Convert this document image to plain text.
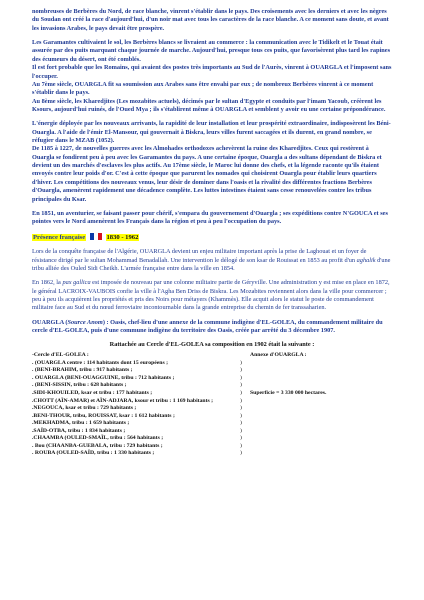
nombreuses de Berbères du Nord, de race blanche, vinrent s'établir dans le pays. Des croisements avec les derniers et avec les nègres du Soudan ont créé la race d'aujourd'hui, d'un noir mat avec tous les caractères de la race blanche. A ce moment sans doute, et avant les invasions Arabes, le pays devait être prospère.

Les Garamantes cultivaient le sol, les Berbères blancs se livraient au commerce : la communication avec le Tidikelt et le Touat était assurée par des puits marquant chaque journée de marche. Aujourd'hui, presque tous ces puits, que favorisèrent plus tard les rapines des écumeurs du désert, ont été comblés.
Il est fort probable que les Romains, qui avaient des postes très importants au Sud de l'Aurès, vinrent à OUARGLA et l'imposent sans l'occuper.
Au 7ème siècle, OUARGLA fit sa soumission aux Arabes sans être envahi par eux ; de nombreux Berbères vinrent à ce moment s'établir dans le pays.
Au 8ème siècle, les Kharedjites (Les mozabites actuels), décimés par le sultan d'Egypte et conduits par l'imam Yacoub, créèrent les Ksours, aujourd'hui ruinés, de l'Oued Mya ; ils s'établirent même à OUARGLA et semblent y avoir eu une certaine prépondérance.

L'énergie déployée par les nouveaux arrivants, la rapidité de leur installation et leur prospérité extraordinaire, indisposèrent les Béni-Ouargla. A l'aide de l'émir El-Mansour, qui gouvernait à Biskra, leurs villes furent saccagées et ils durent, en grand nombre, se réfugier dans le MZAB (1052).
De 1185 à 1227, de nouvelles guerres avec les Almohades orthodoxes achevèrent la ruine des Kharedjites. Ceux qui restèrent à Ouargla se fondirent peu à peu avec les Garamantes du pays. A une certaine époque, Ouargla a des sultans dépendant de Biskra et devient un des marchés d'esclaves les plus actifs. Au 17ème siècle, le Maroc lui donne des chefs, et la légende raconte qu'ils étaient envoyés contre leur poids d'or. C'est à cette époque que parurent les nomades qui choisirent Ouargla pour établir leurs quartiers d'hiver. Les compétitions des nouveaux venus, leur désir de dominer dans l'oasis et la rivalité des différentes fractions Berbères d'Ouargla, amenèrent rapidement une décadence complète. Les luttes intestines étaient sans cesse renouvelées contre les tribus principales du Ksar.

En 1851, un aventurier, se faisant passer pour chérif, s'empara du gouvernement d'Ouargla ; ses expéditions contre N'GOUCA et ses pointes vers le Nord amenèrent les Français dans la région et peu à peu l'occupation du pays.

Présence française	1830 - 1962

Lors de la conquête française de l'Algérie, OUARGLA devient un enjeu militaire important après la prise de Laghouat et un foyer de résistance dirigé par le sultan Mohammad Benadallah. Une intervention le délogé de son ksar de Rouissat en 1853 au profit d'un aghalik d'une tribu alliée des Ouled Sidi Cheikh. L'armée française entre dans la ville en 1854.

En 1862, la pax gallica est imposée de nouveau par une colonne militaire partie de Géryville. Une administration y est mise en place en 1872, le général LACROIX-VAUBOIS confie la ville à l'Agha Ben Driss de Biskra. Les Mozabites reviennent alors dans la ville pour commercer ; peu à peu ils acquièrent les propriétés et pris des Noirs pour métayers (Khammès). Elle acquit alors le statut le poste de commandement militaire face au Sud et du nœud ferroviaire incontournable dans la grande entreprise du chemin de fer transsaharien.

OUARGLA (Source Anom) : Oasis, chef-lieu d'une annexe de la commune indigène d'EL-GOLEA, du commandement militaire du cercle d'EL-GOLEA, puis d'une commune indigène du territoire des Oasis, créée par arrêté du 3 décembre 1907.

Rattachée au Cercle d'EL-GOLEA sa composition en 1902 était la suivante :
-Cercle d'EL-GOLEA :		Annexe d'OUARGLA :
. (OUARGLA centre : 114 habitants dont 15 européens ;	)	
. (BENI-BRAHIM, tribu : 917 habitants ;	)	
. OUARGLA (BENI-OUAGGUINE, tribu : 712 habitants ;	)	
. (BENI-SISSIN, tribu : 628 habitants ;	)	
.SIDI-KHOUILED, ksar et tribu : 177 habitants ;	)	Superficie = 3 330 000 hectares.
.CHOTT (AÏN-AMAR) et AÏN-ADJARA, ksour et tribu : 1 169 habitants ;	)	
.NEGOUCA, ksar et tribu : 729 habitants ;	)	
.BENI-THOUR, tribu, ROUISSAT, ksar : 1 612 habitants ;	)	
.MEKHADMA, tribu : 1 659 habitants ;	)	
.SAÏD-OTBA, tribu : 1 834 habitants ;	)	
.CHAAMBA (OULED-SMAÏL, tribu : 564 habitants ;	)	
. Bou (CHAANBA-GUEBALA, tribu : 729 habitants ;	)	
. ROUBA (OULED-SAÏD, tribu : 1 330 habitants ;	)	
